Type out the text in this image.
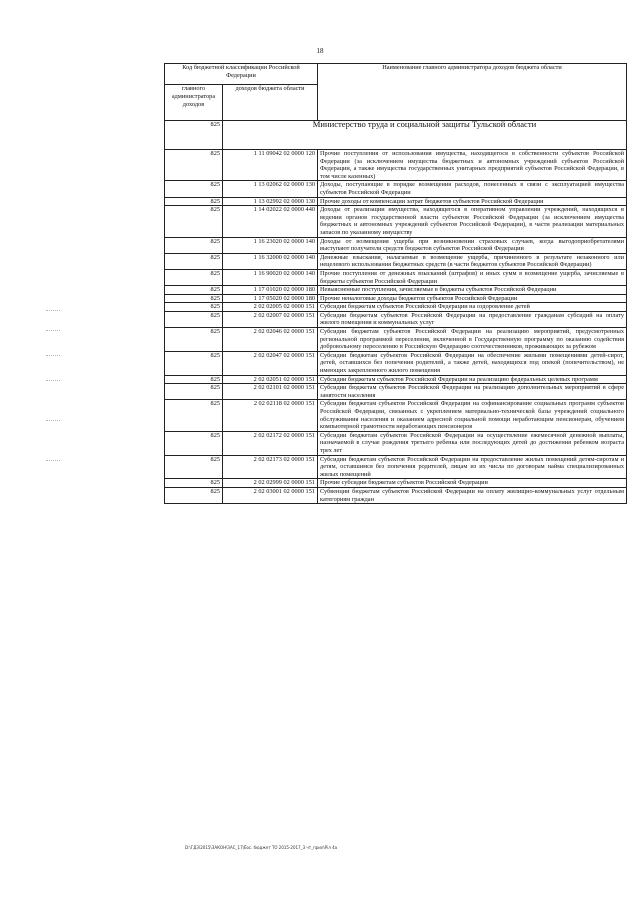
18
Код бюджетной классификации Российской Федерации		Наименование главного администратора доходов бюджета области
главного администратора доходов	доходов бюджета области	
825	Министерство труда и социальной защиты Тульской области	
825	1 11 09042 02 0000 120	Прочие поступления от использования имущества, находящегося в собственности субъектов Российской Федерации (за исключением имущества бюджетных и автономных учреждений субъектов Российской Федерации, а также имущества государственных унитарных предприятий субъектов Российской Федерации, в том числе казенных)
825	1 13 02062 02 0000 130	Доходы, поступающие в порядке возмещения расходов, понесенных в связи с эксплуатацией имущества субъектов Российской Федерации
825	1 13 02992 02 0000 130	Прочие доходы от компенсации затрат бюджетов субъектов Российской Федерации
825	1 14 02022 02 0000 440	Доходы от реализации имущества, находящегося в оперативном управлении учреждений, находящихся в ведении органов государственной власти субъектов Российской Федерации (за исключением имущества бюджетных и автономных учреждений субъектов Российской Федерации), в части реализации материальных запасов по указанному имуществу
825	1 16 23020 02 0000 140	Доходы от возмещения ущерба при возникновении страховых случаев, когда выгодоприобретателями выступают получатели средств бюджетов субъектов Российской Федерации
825	1 16 32000 02 0000 140	Денежные взыскания, налагаемые в возмещение ущерба, причиненного в результате незаконного или нецелевого использования бюджетных средств (в части бюджетов субъектов Российской Федерации)
825	1 16 90020 02 0000 140	Прочие поступления от денежных взысканий (штрафов) и иных сумм в возмещение ущерба, зачисляемые в бюджеты субъектов Российской Федерации
825	1 17 01020 02 0000 180	Невыясненные поступления, зачисляемые в бюджеты субъектов Российской Федерации
825	1 17 05020 02 0000 180	Прочие неналоговые доходы бюджетов субъектов Российской Федерации
825	2 02 02005 02 0000 151	Субсидии бюджетам субъектов Российской Федерации на оздоровление детей
825	2 02 02007 02 0000 151	Субсидии бюджетам субъектов Российской Федерации на предоставление гражданам субсидий на оплату жилого помещения и коммунальных услуг
825	2 02 02046 02 0000 151	Субсидии бюджетам субъектов Российской Федерации на реализацию мероприятий, предусмотренных региональной программой переселения, включенной в Государственную программу по оказанию содействия добровольному переселению в Российскую Федерацию соотечественников, проживающих за рубежом
825	2 02 02047 02 0000 151	Субсидии бюджетам субъектов Российской Федерации на обеспечение жилыми помещениями детей-сирот, детей, оставшихся без попечения родителей, а также детей, находящихся под опекой (попечительством), не имеющих закрепленного жилого помещения
825	2 02 02051 02 0000 151	Субсидии бюджетам субъектов Российской Федерации на реализацию федеральных целевых программ
825	2 02 02101 02 0000 151	Субсидии бюджетам субъектов Российской Федерации на реализацию дополнительных мероприятий в сфере занятости населения
825	2 02 02118 02 0000 151	Субсидии бюджетам субъектов Российской Федерации на софинансирование социальных программ субъектов Российской Федерации, связанных с укреплением материально-технической базы учреждений социального обслуживания населения и оказанием адресной социальной помощи неработающим пенсионерам, обучением компьютерной грамотности неработающих пенсионеров
825	2 02 02172 02 0000 151	Субсидии бюджетам субъектов Российской Федерации на осуществление ежемесячной денежной выплаты, назначаемой в случае рождения третьего ребенка или последующих детей до достижения ребенком возраста трех лет
825	2 02 02173 02 0000 151	Субсидии бюджетам субъектов Российской Федерации на предоставление жилых помещений детям-сиротам и детям, оставшимся без попечения родителей, лицам из их числа по договорам найма специализированных жилых помещений
825	2 02 02999 02 0000 151	Прочие субсидии бюджетам субъектов Российской Федерации
825	2 02 03001 02 0000 151	Субвенции бюджетам субъектов Российской Федерации на оплату жилищно-коммунальных услуг отдельным категориям граждан
D:\ГДЗ\2015\ЗАКОН\ЗАС_17\Ёос. бюджет ТО 2015-2017_3 чт_прил\Ріл 4а
